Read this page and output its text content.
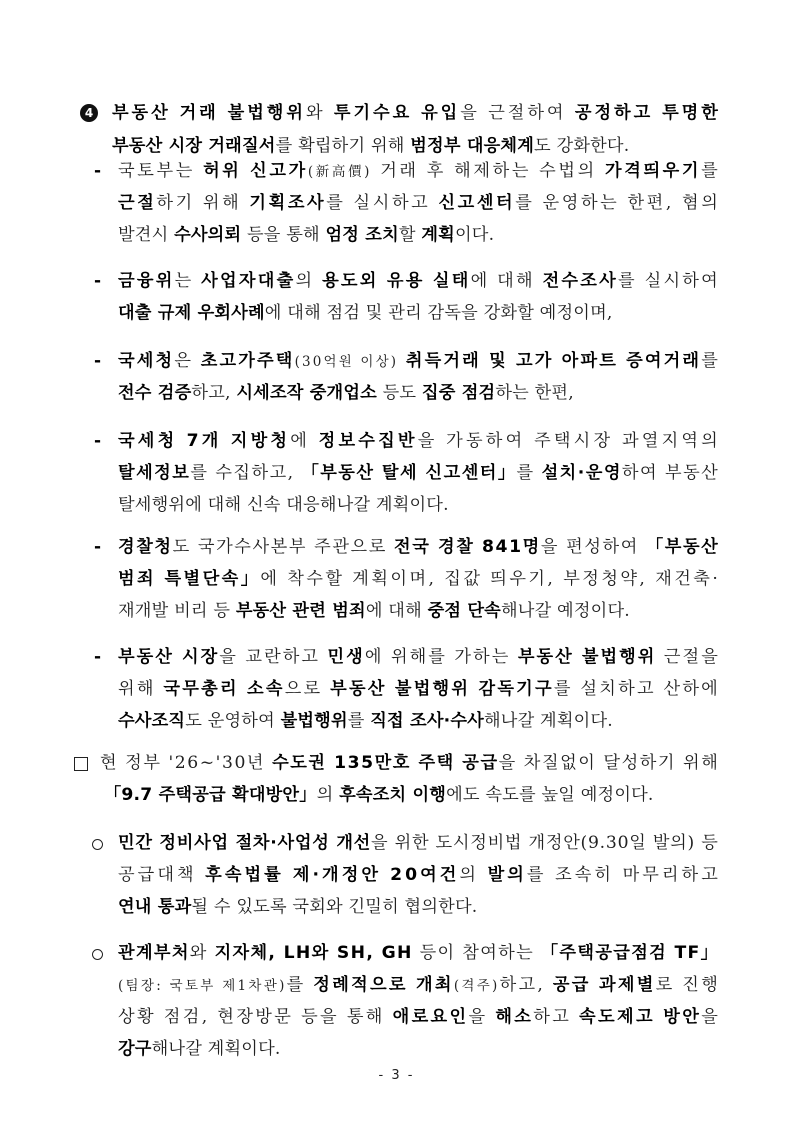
4 부동산 거래 불법행위와 투기수요 유입을 근절하여 공정하고 투명한
부동산 시장 거래질서를 확립하기 위해 범정부 대응체계도 강화한다.
- 국토부는 허위 신고가(新高價) 거래 후 해제하는 수법의 가격띄우기를
근절하기 위해 기획조사를 실시하고 신고센터를 운영하는 한편, 혐의
발견시 수사의뢰 등을 통해 엄정 조치할 계획이다.
- 금융위는 사업자대출의 용도외 유용 실태에 대해 전수조사를 실시하여
대출 규제 우회사례에 대해 점검 및 관리 감독을 강화할 예정이며,
- 국세청은 초고가주택(30억원 이상) 취득거래 및 고가 아파트 증여거래를
전수 검증하고, 시세조작 중개업소 등도 집중 점검하는 한편,
- 국세청 7개 지방청에 정보수집반을 가동하여 주택시장 과열지역의
탈세정보를 수집하고, 「부동산 탈세 신고센터」를 설치·운영하여 부동산
탈세행위에 대해 신속 대응해나갈 계획이다.
- 경찰청도 국가수사본부 주관으로 전국 경찰 841명을 편성하여 「부동산
범죄 특별단속」에 착수할 계획이며, 집값 띄우기, 부정청약, 재건축·
재개발 비리 등 부동산 관련 범죄에 대해 중점 단속해나갈 예정이다.
- 부동산 시장을 교란하고 민생에 위해를 가하는 부동산 불법행위 근절을
위해 국무총리 소속으로 부동산 불법행위 감독기구를 설치하고 산하에
수사조직도 운영하여 불법행위를 직접 조사·수사해나갈 계획이다.
현 정부 '26~'30년 수도권 135만호 주택 공급을 차질없이 달성하기 위해
「9.7 주택공급 확대방안」의 후속조치 이행에도 속도를 높일 예정이다.
민간 정비사업 절차·사업성 개선을 위한 도시정비법 개정안(9.30일 발의) 등
공급대책 후속법률 제·개정안 20여건의 발의를 조속히 마무리하고
연내 통과될 수 있도록 국회와 긴밀히 협의한다.
관계부처와 지자체, LH와 SH, GH 등이 참여하는 「주택공급점검 TF」
(팀장: 국토부 제1차관)를 정례적으로 개최(격주)하고, 공급 과제별로 진행
상황 점검, 현장방문 등을 통해 애로요인을 해소하고 속도제고 방안을
강구해나갈 계획이다.
- 3 -
